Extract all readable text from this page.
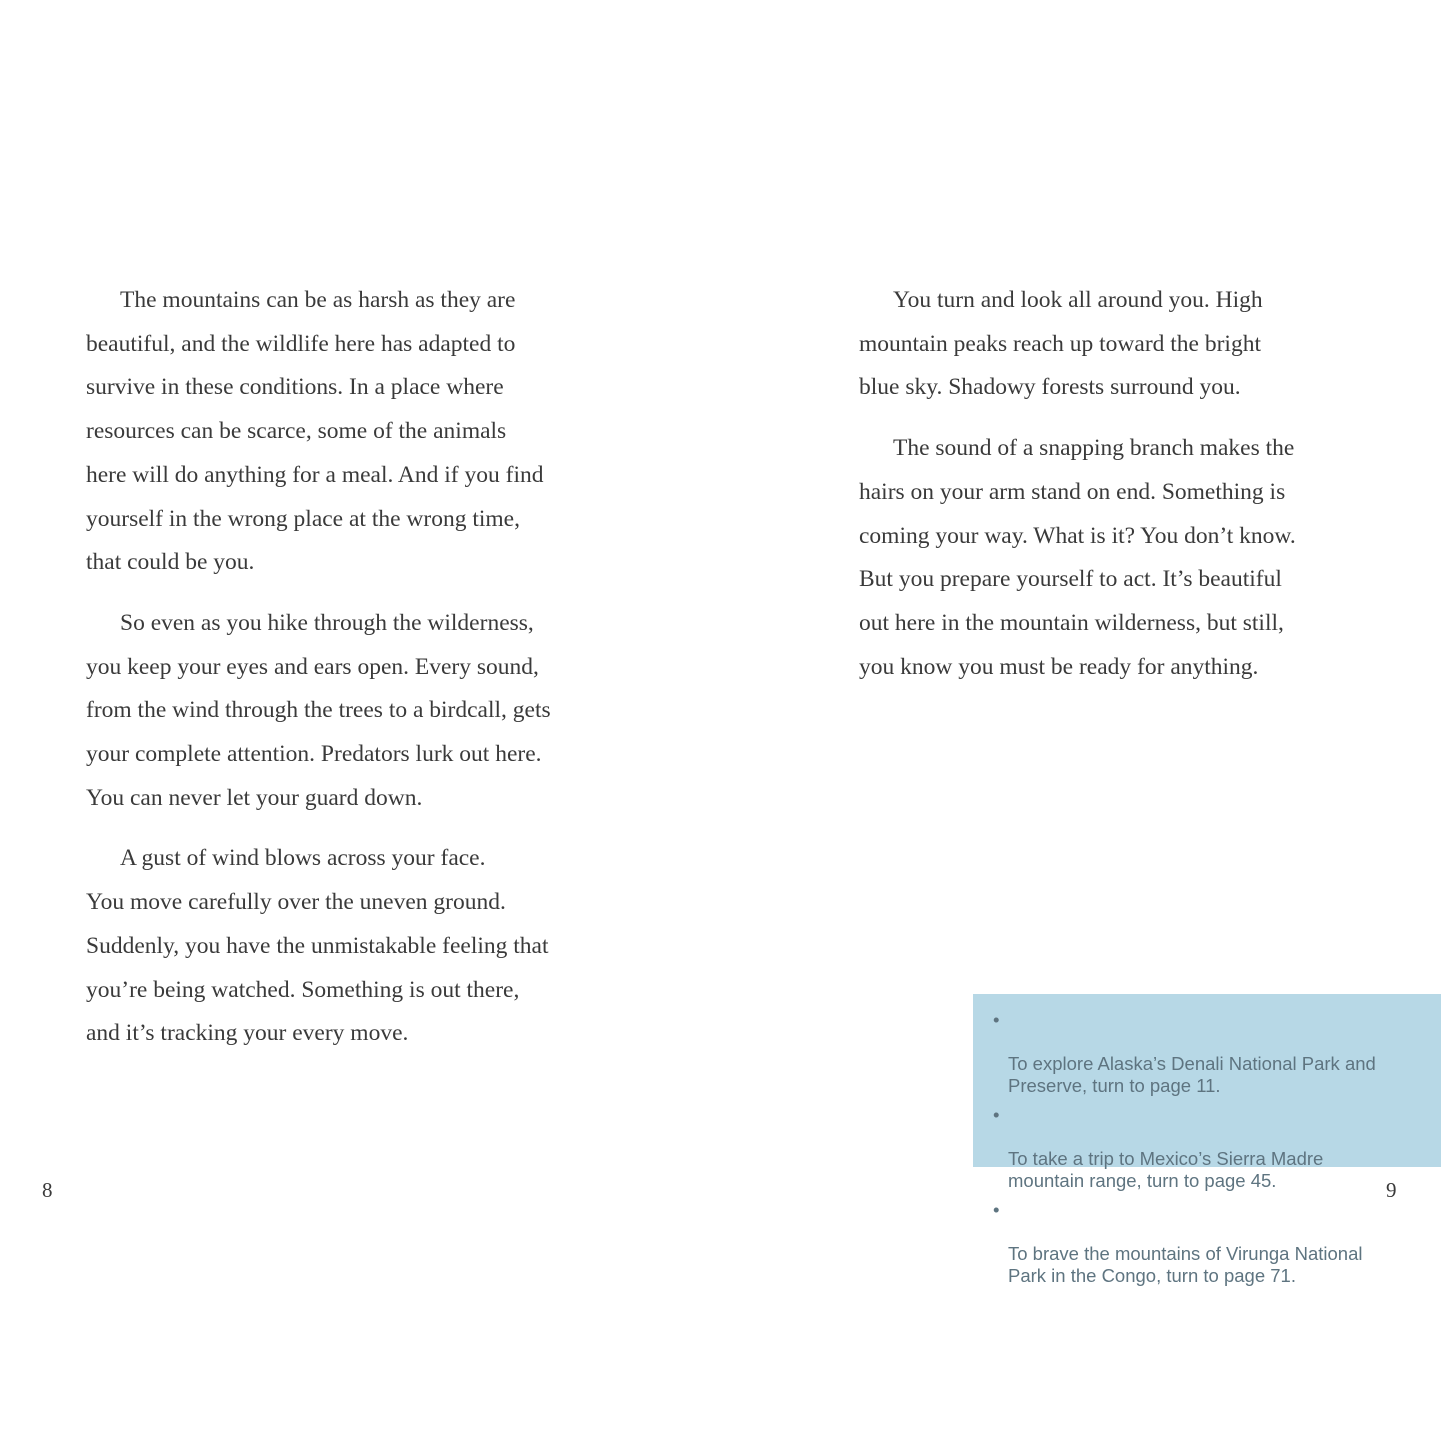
The mountains can be as harsh as they are
beautiful, and the wildlife here has adapted to
survive in these conditions. In a place where
resources can be scarce, some of the animals
here will do anything for a meal. And if you find
yourself in the wrong place at the wrong time,
that could be you.

So even as you hike through the wilderness,
you keep your eyes and ears open. Every sound,
from the wind through the trees to a birdcall, gets
your complete attention. Predators lurk out here.
You can never let your guard down.

A gust of wind blows across your face.
You move carefully over the uneven ground.
Suddenly, you have the unmistakable feeling that
you’re being watched. Something is out there,
and it’s tracking your every move.

You turn and look all around you. High
mountain peaks reach up toward the bright
blue sky. Shadowy forests surround you.

The sound of a snapping branch makes the
hairs on your arm stand on end. Something is
coming your way. What is it? You don’t know.
But you prepare yourself to act. It’s beautiful
out here in the mountain wilderness, but still,
you know you must be ready for anything.

•

To explore Alaska’s Denali National Park and
Preserve, turn to page 11.

•

To take a trip to Mexico’s Sierra Madre
mountain range, turn to page 45.

•

To brave the mountains of Virunga National
Park in the Congo, turn to page 71.

8	9
